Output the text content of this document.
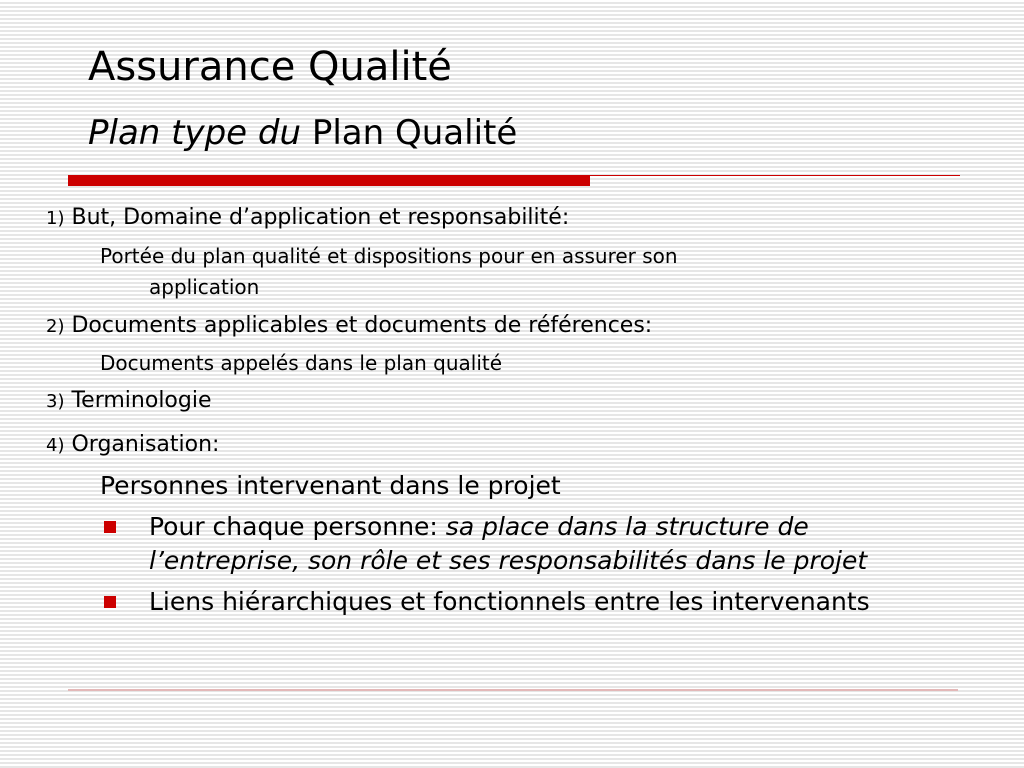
Assurance Qualité
Plan type du Plan Qualité

1) But, Domaine d’application et responsabilité:

Portée du plan qualité et dispositions pour en assurer son

application

2) Documents applicables et documents de références:

Documents appelés dans le plan qualité

3) Terminologie

4) Organisation:

Personnes intervenant dans le projet

Pour chaque personne: sa place dans la structure de
l’entreprise, son rôle et ses responsabilités dans le projet
Liens hiérarchiques et fonctionnels entre les intervenants
